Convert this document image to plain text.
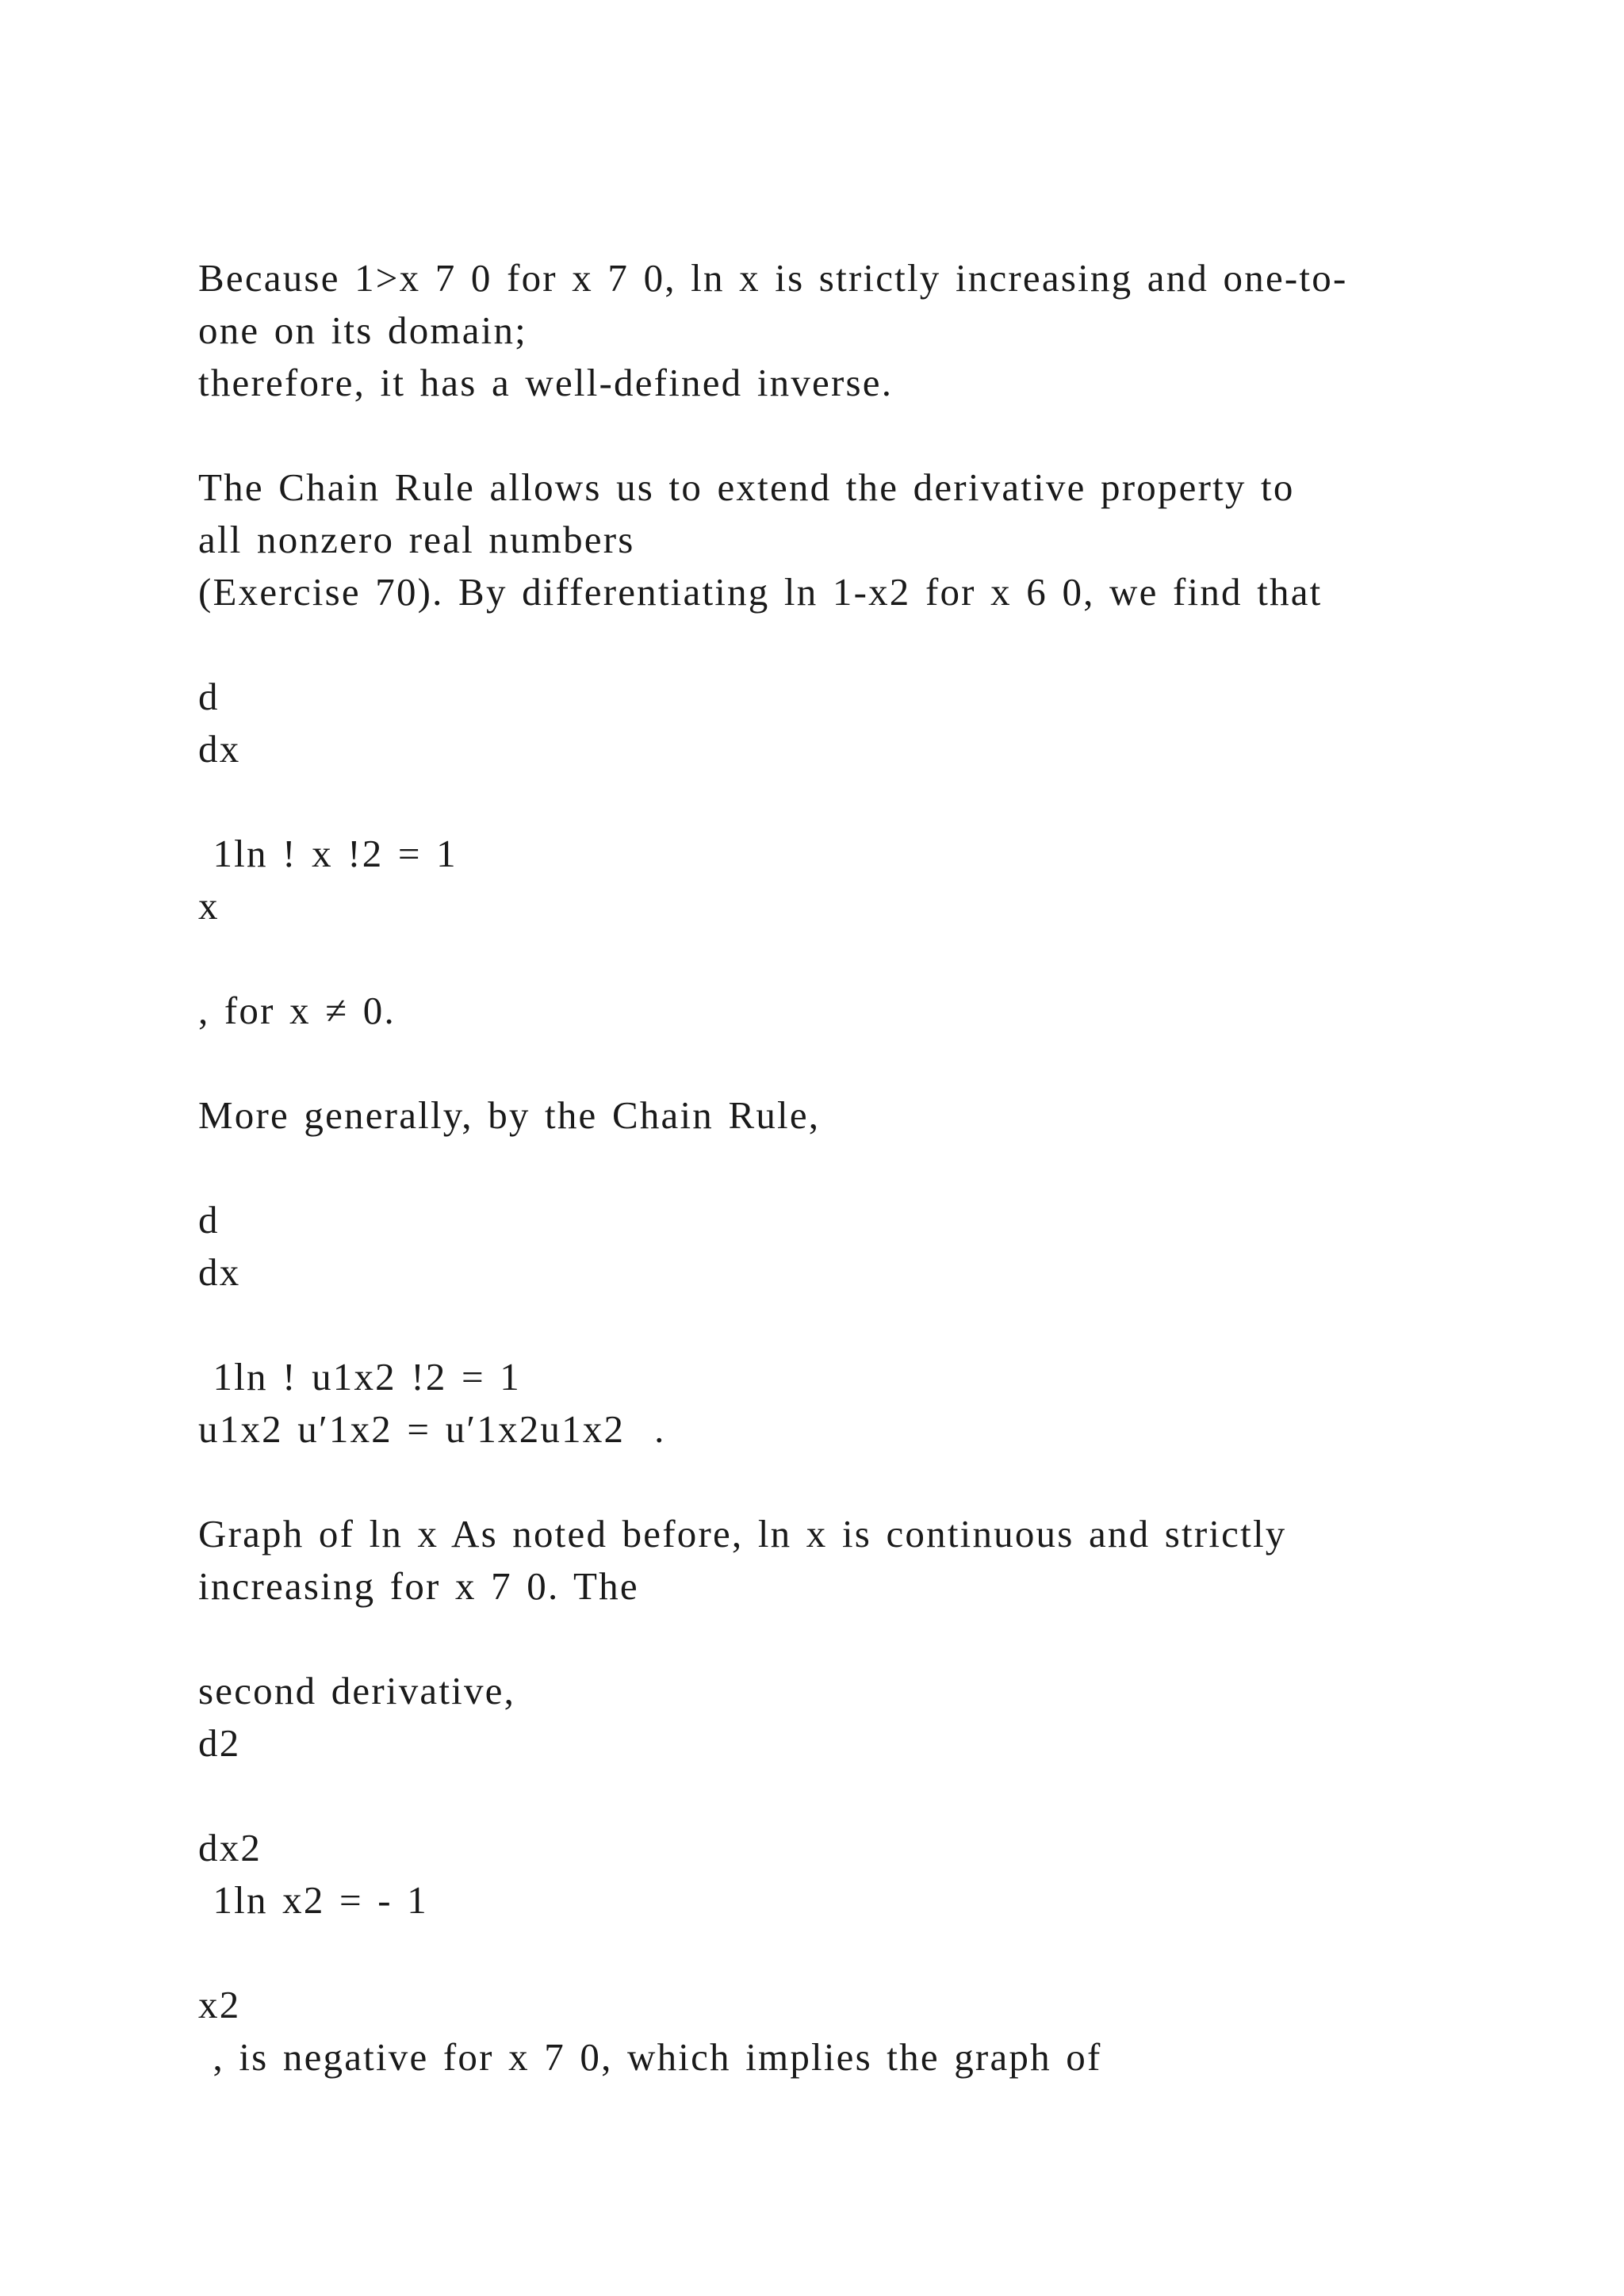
Because 1>x 7 0 for x 7 0, ln x is strictly increasing and one-to-
one on its domain;
therefore, it has a well-defined inverse.
The Chain Rule allows us to extend the derivative property to
all nonzero real numbers
(Exercise 70). By differentiating ln 1-x2 for x 6 0, we find that
d
dx
1ln ! x !2 = 1
x
, for x ≠ 0.
More generally, by the Chain Rule,
d
dx
1ln ! u1x2 !2 = 1
u1x2 u′1x2 = u′1x2u1x2  .
Graph of ln x As noted before, ln x is continuous and strictly
increasing for x 7 0. The
second derivative,
d2
dx2
1ln x2 = - 1
x2
, is negative for x 7 0, which implies the graph of
